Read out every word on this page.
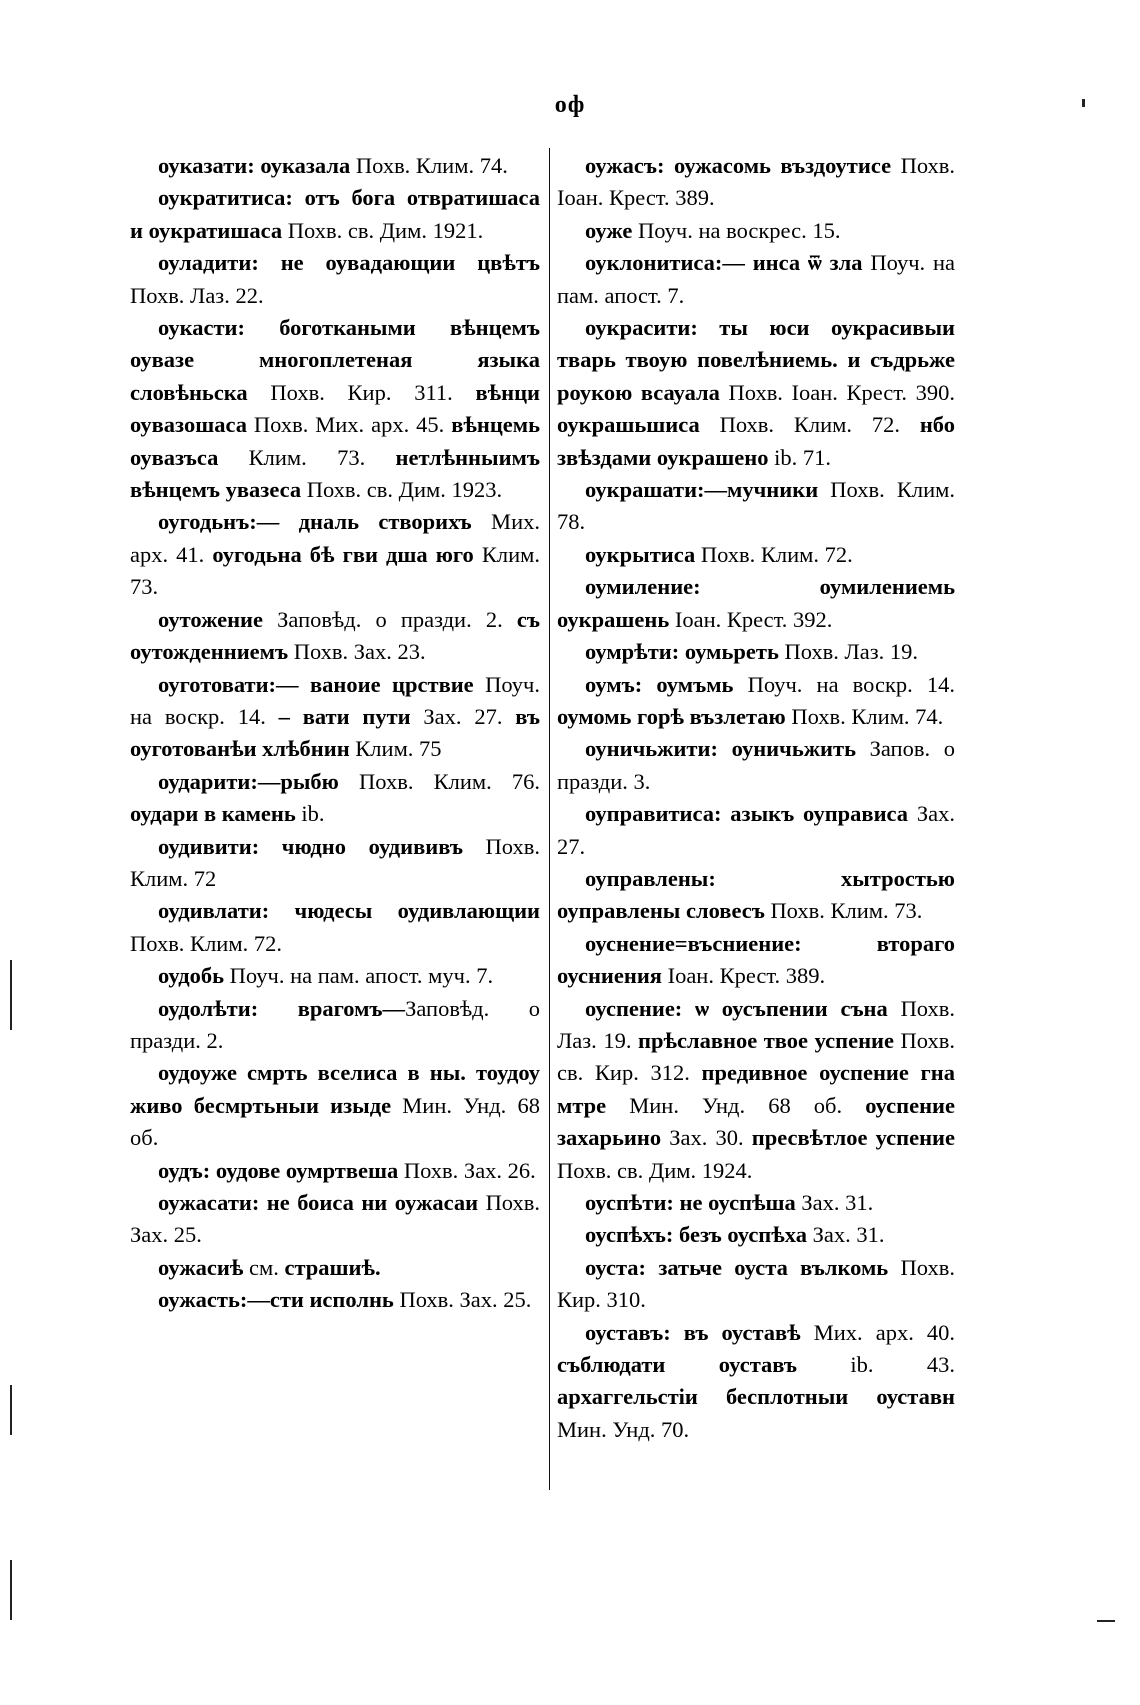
оф

оуказати: оуказала Похв. Клим. 74.

оукратитиса: отъ бога отвратишаса и оукратишаса Похв. св. Дим. 1921.

оуладити: не оувадающии цвѣтъ Похв. Лаз. 22.

оукасти: боготкаными вѣнцемъ оувазе многоплетеная языка словѣньска Похв. Кир. 311. вѣнци оувазошаса Похв. Мих. арх. 45. вѣнцемь оувазъса Клим. 73. нетлѣнныимъ вѣнцемъ увазеса Похв. св. Дим. 1923.

оугодьнъ:— дналь створихъ Мих. арх. 41. оугодьна бѣ гви дша юго Клим. 73.

оутожение Заповѣд. о празди. 2. съ оутожденниемъ Похв. Зах. 23.

оуготовати:— ваноие црствие Поуч. на воскр. 14. – вати пути Зах. 27. въ оуготованѣи хлѣбнин Клим. 75

оударити:—рыбю Похв. Клим. 76. оудари в камень ib.

оудивити: чюдно оудививъ Похв. Клим. 72

оудивлати: чюдесы оудивлающии Похв. Клим. 72.

оудобь Поуч. на пам. апост. муч. 7.

оудолѣти: врагомъ—Заповѣд. о празди. 2.

оудоуже смрть вселиса в ны. тоудоу живо бесмртьныи изыде Мин. Унд. 68 об.

оудъ: оудове оумртвеша Похв. Зах. 26.

оужасати: не боиса ни оужасаи Похв. Зах. 25.

оужасиѣ см. страшиѣ.

оужасть:—сти исполнь Похв. Зах. 25.

оужасъ: оужасомь въздоутисе Похв. Іоан. Крест. 389.

оуже Поуч. на воскрес. 15.

оуклонитиса:— инса ѿ зла Поуч. на пам. апост. 7.

оукрасити: ты юси оукрасивыи тварь твоую повелѣниемь. и съдрьже роукою всауала Похв. Іоан. Крест. 390. оукрашьшиса Похв. Клим. 72. нбо звѣздами оукрашено ib. 71.

оукрашати:—мучники Похв. Клим. 78.

оукрытиса Похв. Клим. 72.

оумиление: оумилениемь оукрашень Іоан. Крест. 392.

оумрѣти: оумьреть Похв. Лаз. 19.

оумъ: оумъмь Поуч. на воскр. 14. оумомь горѣ възлетаю Похв. Клим. 74.

оуничьжити: оуничьжить Запов. о празди. 3.

оуправитиса: азыкъ оуправиса Зах. 27.

оуправлены: хытростью оуправлены словесъ Похв. Клим. 73.

оуснение=въсниение: втораго оусниения Іоан. Крест. 389.

оуспение: ѡ оусъпении съна Похв. Лаз. 19. прѣславное твое успение Похв. св. Кир. 312. предивное оуспение гна мтре Мин. Унд. 68 об. оуспение захарьино Зах. 30. пресвѣтлое успение Похв. св. Дим. 1924.

оуспѣти: не оуспѣша Зах. 31.

оуспѣхъ: безъ оуспѣха Зах. 31.

оуста: затьче оуста вълкомь Похв. Кир. 310.

оуставъ: въ оуставѣ Мих. арх. 40. съблюдати оуставъ ib. 43. архаггельстіи бесплотныи оуставн Мин. Унд. 70.
